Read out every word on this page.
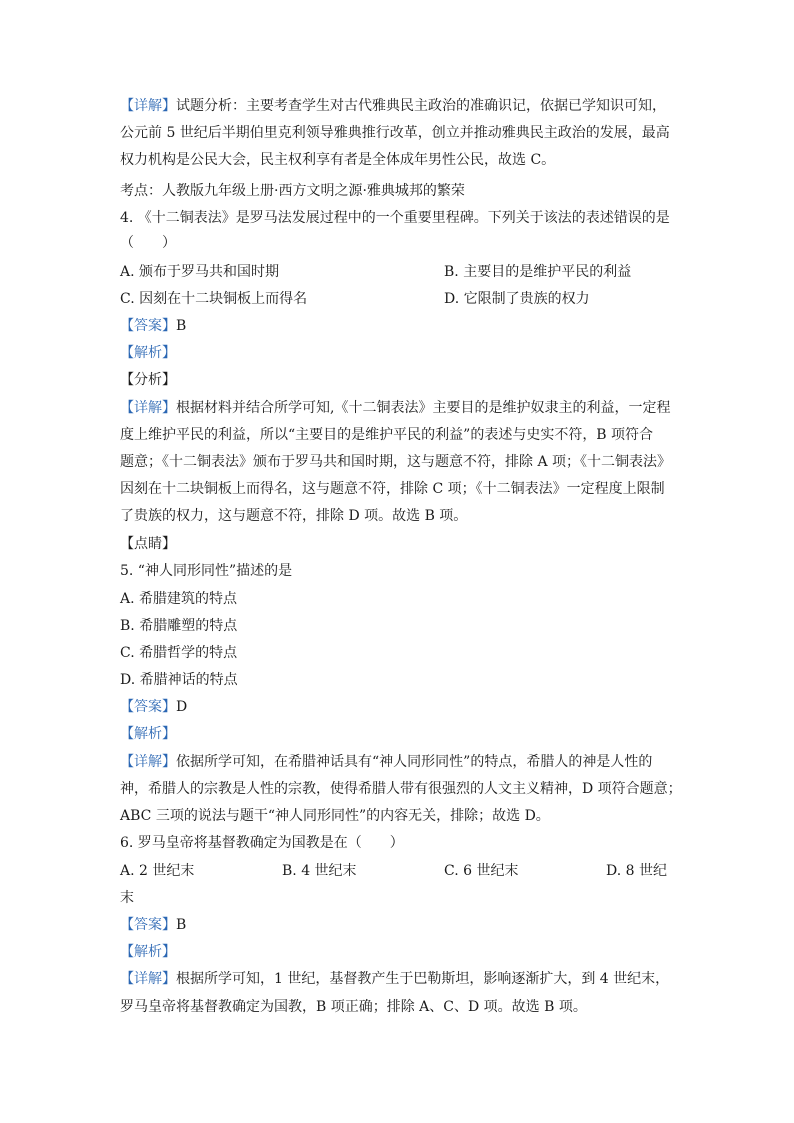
【详解】试题分析：主要考查学生对古代雅典民主政治的准确识记，依据已学知识可知，
公元前 5 世纪后半期伯里克利领导雅典推行改革，创立并推动雅典民主政治的发展，最高
权力机构是公民大会，民主权利享有者是全体成年男性公民，故选 C。
考点：人教版九年级上册·西方文明之源·雅典城邦的繁荣
4. 《十二铜表法》是罗马法发展过程中的一个重要里程碑。下列关于该法的表述错误的是
（　　）
A. 颁布于罗马共和国时期	B. 主要目的是维护平民的利益
C. 因刻在十二块铜板上而得名	D. 它限制了贵族的权力
【答案】B
【解析】
【分析】
【详解】根据材料并结合所学可知,《十二铜表法》主要目的是维护奴隶主的利益，一定程
度上维护平民的利益，所以“主要目的是维护平民的利益”的表述与史实不符，B 项符合
题意；《十二铜表法》颁布于罗马共和国时期，这与题意不符，排除 A 项；《十二铜表法》
因刻在十二块铜板上而得名，这与题意不符，排除 C 项；《十二铜表法》一定程度上限制
了贵族的权力，这与题意不符，排除 D 项。故选 B 项。
【点睛】
5. “神人同形同性”描述的是
A. 希腊建筑的特点
B. 希腊雕塑的特点
C. 希腊哲学的特点
D. 希腊神话的特点
【答案】D
【解析】
【详解】依据所学可知，在希腊神话具有“神人同形同性”的特点，希腊人的神是人性的
神，希腊人的宗教是人性的宗教，使得希腊人带有很强烈的人文主义精神，D 项符合题意；
ABC 三项的说法与题干“神人同形同性”的内容无关，排除；故选 D。
6. 罗马皇帝将基督教确定为国教是在（　　）
A. 2 世纪末	B. 4 世纪末	C. 6 世纪末	D. 8 世纪
末
【答案】B
【解析】
【详解】根据所学可知，1 世纪，基督教产生于巴勒斯坦，影响逐渐扩大，到 4 世纪末，
罗马皇帝将基督教确定为国教，B 项正确；排除 A、C、D 项。故选 B 项。
